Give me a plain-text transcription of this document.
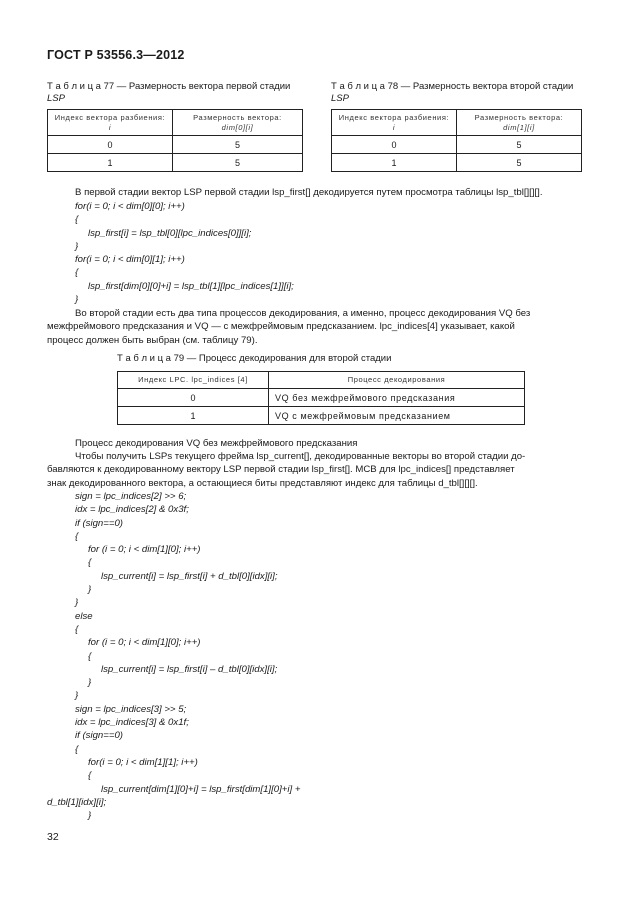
ГОСТ Р 53556.3—2012
Т а б л и ц а 77 — Размерность вектора первой стадии
LSP
Индекс вектора разбиения:
i	Размерность вектора:
dim[0][i]
0	5
1	5
Т а б л и ц а 78 — Размерность вектора второй стадии
LSP
Индекс вектора разбиения:
i	Размерность вектора:
dim[1][i]
0	5
1	5
В первой стадии вектор LSP первой стадии lsp_first[] декодируется путем просмотра таблицы lsp_tbl[][][].
for(i = 0; i < dim[0][0]; i++)
{
lsp_first[i] = lsp_tbl[0][lpc_indices[0]][i];
}
for(i = 0; i < dim[0][1]; i++)
{
lsp_first[dim[0][0]+i] = lsp_tbl[1][lpc_indices[1]][i];
}
Во второй стадии есть два типа процессов декодирования, а именно, процесс декодирования VQ без
межфреймового предсказания и VQ — с межфреймовым предсказанием. lpc_indices[4] указывает, какой
процесс должен быть выбран (см. таблицу 79).
Т а б л и ц а 79 — Процесс декодирования для второй стадии
Индекс LPC. lpc_indices [4]	Процесс декодирования
0	VQ без межфреймового предсказания
1	VQ с межфреймовым предсказанием
Процесс декодирования VQ без межфреймового предсказания
Чтобы получить LSPs текущего фрейма lsp_current[], декодированные векторы во второй стадии до-
бавляются к декодированному вектору LSP первой стадии lsp_first[]. MCB для lpc_indices[] представляет
знак декодированного вектора, а остающиеся биты представляют индекс для таблицы d_tbl[][][].
sign = lpc_indices[2] >> 6;
idx = lpc_indices[2] & 0x3f;
if (sign==0)
{
for (i = 0; i < dim[1][0]; i++)
{
lsp_current[i] = lsp_first[i] + d_tbl[0][idx][i];
}
}
else
{
for (i = 0; i < dim[1][0]; i++)
{
lsp_current[i] = lsp_first[i] – d_tbl[0][idx][i];
}
}
sign = lpc_indices[3] >> 5;
idx = lpc_indices[3] & 0x1f;
if (sign==0)
{
for(i = 0; i < dim[1][1]; i++)
{
lsp_current[dim[1][0]+i] = lsp_first[dim[1][0]+i] +
d_tbl[1][idx][i];
}
32
